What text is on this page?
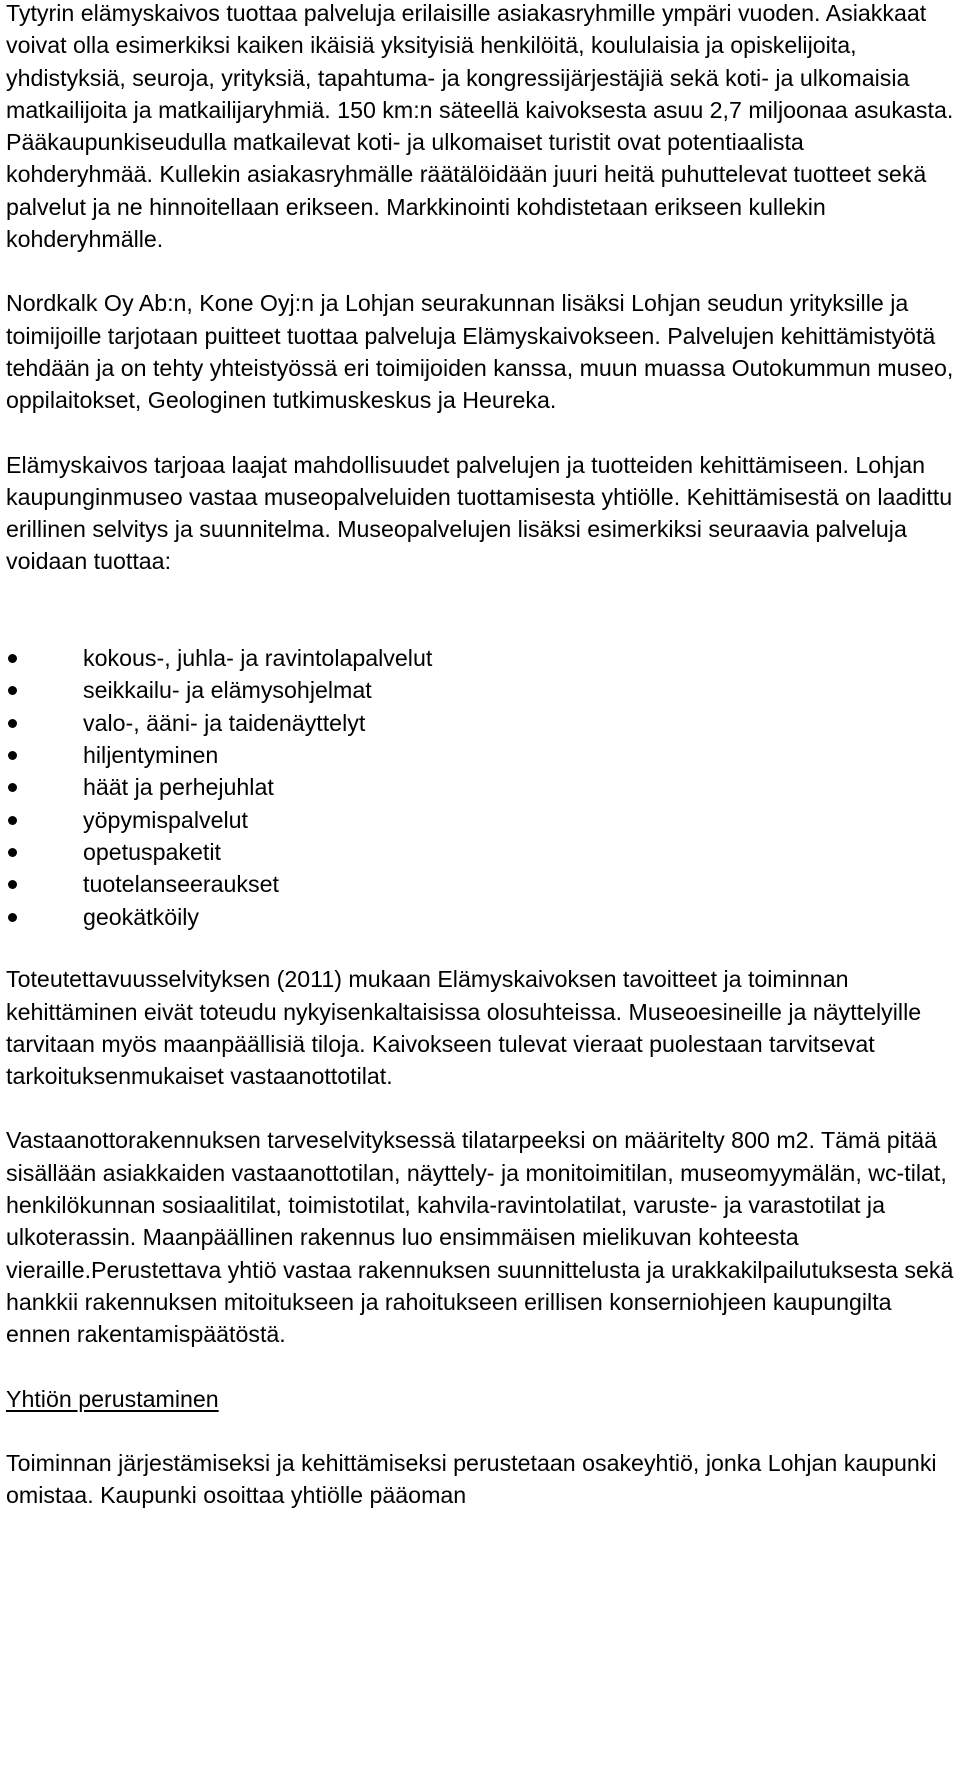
Tytyrin elämyskaivos tuottaa palveluja erilaisille asiakasryhmille ympäri vuoden. Asiakkaat voivat olla esimerkiksi kaiken ikäisiä yksityisiä henkilöitä, koululaisia ja opiskelijoita, yhdistyksiä, seuroja, yrityksiä, tapahtuma- ja kongressijärjestäjiä sekä koti- ja ulkomaisia matkailijoita ja matkailijaryhmiä. 150 km:n säteellä kaivoksesta asuu 2,7 miljoonaa asukasta. Pääkaupunkiseudulla matkailevat koti- ja ulkomaiset turistit ovat potentiaalista kohderyhmää. Kullekin asiakasryhmälle räätälöidään juuri heitä puhuttelevat tuotteet sekä palvelut ja ne hinnoitellaan erikseen. Markkinointi kohdistetaan erikseen kullekin kohderyhmälle.

Nordkalk Oy Ab:n, Kone Oyj:n ja Lohjan seurakunnan lisäksi Lohjan seudun yrityksille ja toimijoille tarjotaan puitteet tuottaa palveluja Elämyskaivokseen. Palvelujen kehittämistyötä tehdään ja on tehty yhteistyössä eri toimijoiden kanssa, muun muassa Outokummun museo, oppilaitokset, Geologinen tutkimuskeskus ja Heureka.

Elämyskaivos tarjoaa laajat mahdollisuudet palvelujen ja tuotteiden kehittämiseen. Lohjan kaupunginmuseo vastaa museopalveluiden tuottamisesta yhtiölle. Kehittämisestä on laadittu erillinen selvitys ja suunnitelma. Museopalvelujen lisäksi esimerkiksi seuraavia palveluja voidaan tuottaa:

kokous-, juhla- ja ravintolapalvelut
seikkailu- ja elämysohjelmat
valo-, ääni- ja taidenäyttelyt
hiljentyminen
häät ja perhejuhlat
yöpymispalvelut
opetuspaketit
tuotelanseeraukset
geokätköily

Toteutettavuusselvityksen (2011) mukaan Elämyskaivoksen tavoitteet ja toiminnan kehittäminen eivät toteudu nykyisenkaltaisissa olosuhteissa. Museoesineille ja näyttelyille tarvitaan myös maanpäällisiä tiloja. Kaivokseen tulevat vieraat puolestaan tarvitsevat tarkoituksenmukaiset vastaanottotilat.

Vastaanottorakennuksen tarveselvityksessä tilatarpeeksi on määritelty 800 m2. Tämä pitää sisällään asiakkaiden vastaanottotilan, näyttely- ja monitoimitilan, museomyymälän, wc-tilat, henkilökunnan sosiaalitilat, toimistotilat, kahvila-ravintolatilat, varuste- ja varastotilat ja ulkoterassin. Maanpäällinen rakennus luo ensimmäisen mielikuvan kohteesta vieraille.Perustettava yhtiö vastaa rakennuksen suunnittelusta ja urakkakilpailutuksesta sekä hankkii rakennuksen mitoitukseen ja rahoitukseen erillisen konserniohjeen kaupungilta ennen rakentamispäätöstä.

Yhtiön perustaminen

Toiminnan järjestämiseksi ja kehittämiseksi perustetaan osakeyhtiö, jonka Lohjan kaupunki omistaa. Kaupunki osoittaa yhtiölle pääoman
